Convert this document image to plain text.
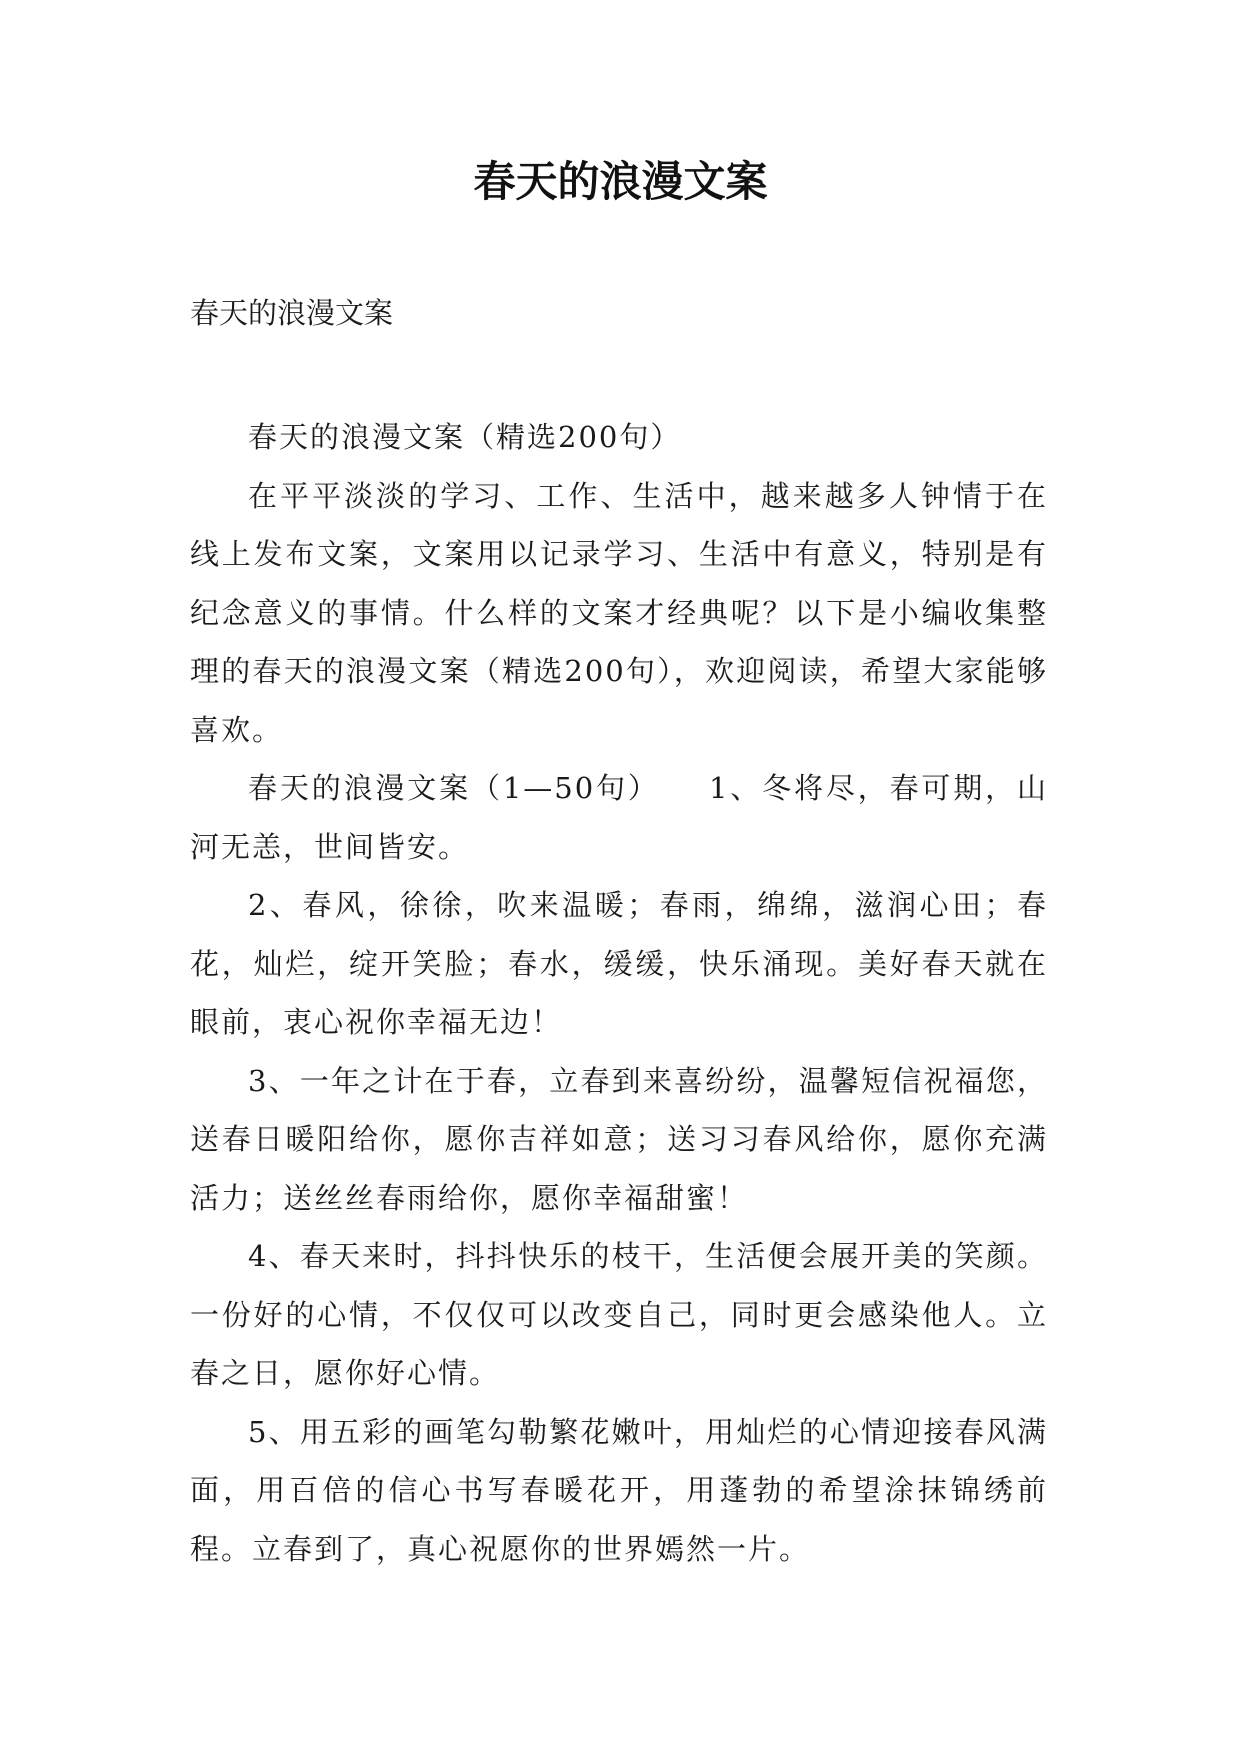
春天的浪漫文案

春天的浪漫文案

春天的浪漫文案（精选200句）

在平平淡淡的学习、工作、生活中，越来越多人钟情于在线上发布文案，文案用以记录学习、生活中有意义，特别是有纪念意义的事情。什么样的文案才经典呢？以下是小编收集整理的春天的浪漫文案（精选200句），欢迎阅读，希望大家能够喜欢。

春天的浪漫文案（1—50句）　　1、冬将尽，春可期，山河无恙，世间皆安。

2、春风，徐徐，吹来温暖；春雨，绵绵，滋润心田；春花，灿烂，绽开笑脸；春水，缓缓，快乐涌现。美好春天就在眼前，衷心祝你幸福无边！

3、一年之计在于春，立春到来喜纷纷，温馨短信祝福您，送春日暖阳给你，愿你吉祥如意；送习习春风给你，愿你充满活力；送丝丝春雨给你，愿你幸福甜蜜！

4、春天来时，抖抖快乐的枝干，生活便会展开美的笑颜。一份好的心情，不仅仅可以改变自己，同时更会感染他人。立春之日，愿你好心情。

5、用五彩的画笔勾勒繁花嫩叶，用灿烂的心情迎接春风满面，用百倍的信心书写春暖花开，用蓬勃的希望涂抹锦绣前程。立春到了，真心祝愿你的世界嫣然一片。
